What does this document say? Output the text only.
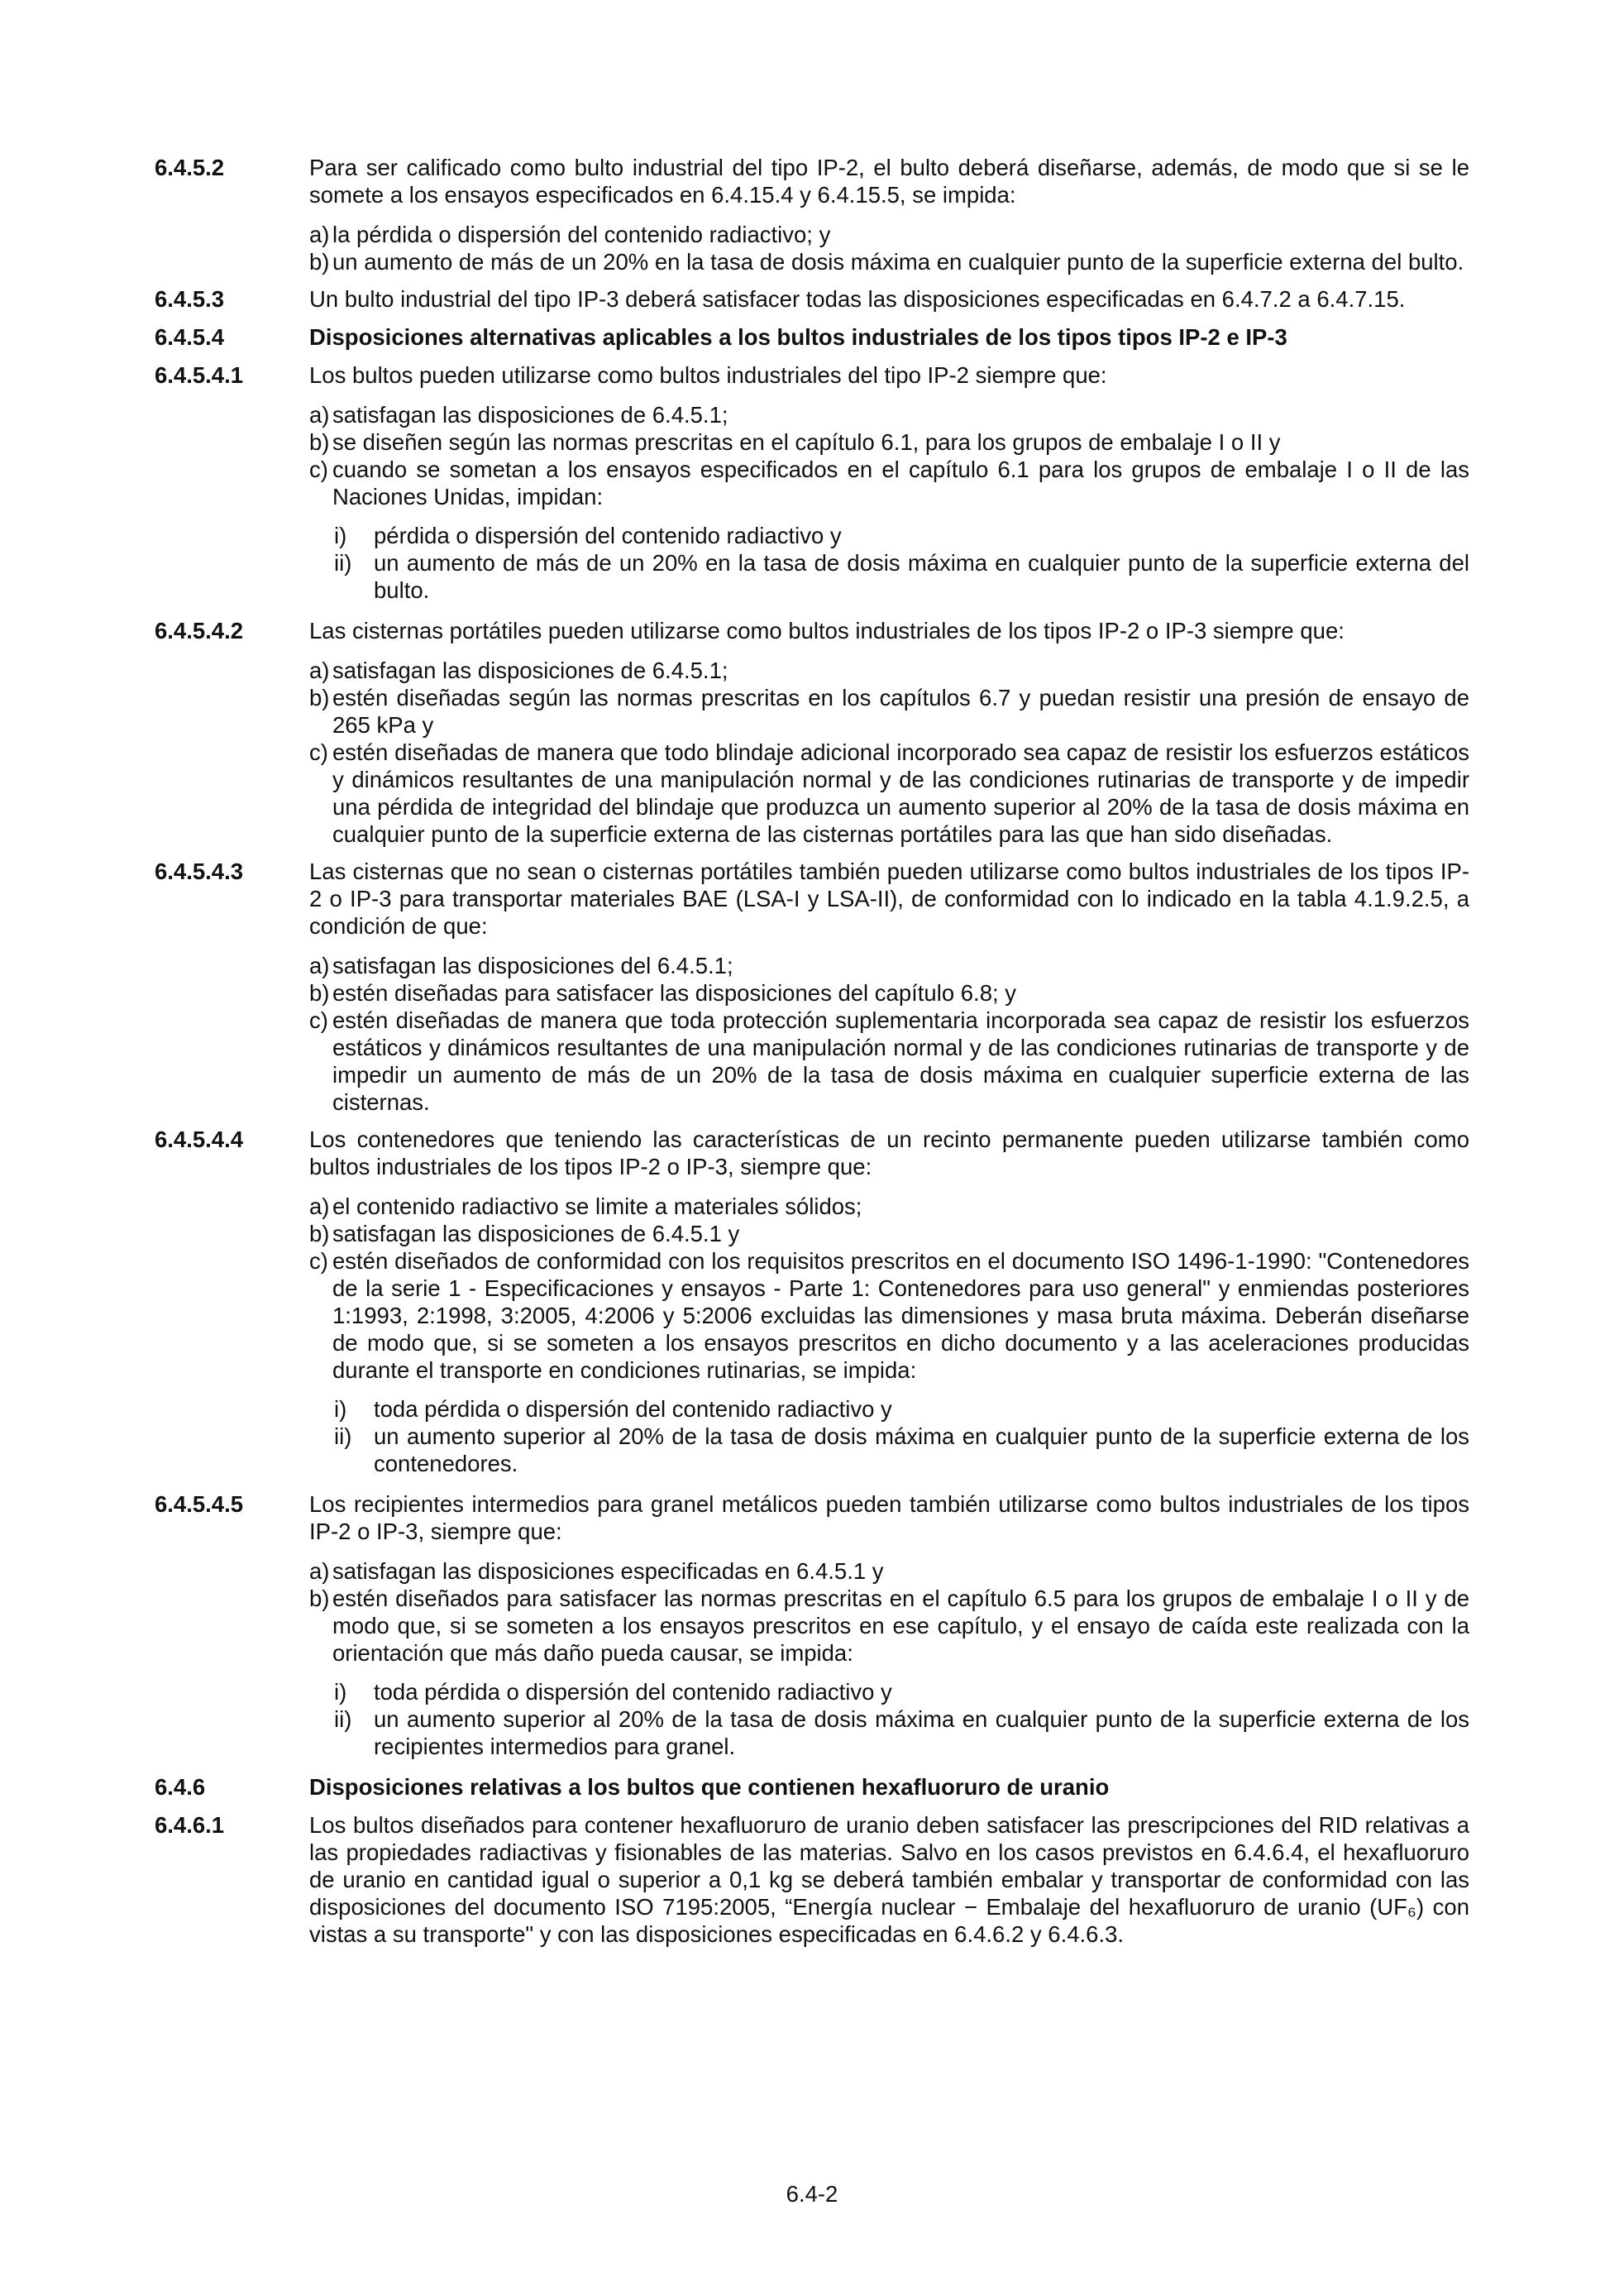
6.4.5.2	Para ser calificado como bulto industrial del tipo IP-2, el bulto deberá diseñarse, además, de modo que si se le somete a los ensayos especificados en 6.4.15.4 y 6.4.15.5, se impida:
a) la pérdida o dispersión del contenido radiactivo; y
b) un aumento de más de un 20% en la tasa de dosis máxima en cualquier punto de la superficie externa del bulto.
6.4.5.3	Un bulto industrial del tipo IP-3 deberá satisfacer todas las disposiciones especificadas en 6.4.7.2 a 6.4.7.15.
6.4.5.4	Disposiciones alternativas aplicables a los bultos industriales de los tipos tipos IP-2 e IP-3
6.4.5.4.1	Los bultos pueden utilizarse como bultos industriales del tipo IP-2 siempre que:
a) satisfagan las disposiciones de 6.4.5.1;
b) se diseñen según las normas prescritas en el capítulo 6.1, para los grupos de embalaje I o II y
c) cuando se sometan a los ensayos especificados en el capítulo 6.1 para los grupos de embalaje I o II de las Naciones Unidas, impidan:
i)	pérdida o dispersión del contenido radiactivo y
ii) un aumento de más de un 20% en la tasa de dosis máxima en cualquier punto de la superficie externa del bulto.
6.4.5.4.2	Las cisternas portátiles pueden utilizarse como bultos industriales de los tipos IP-2 o IP-3 siempre que:
a) satisfagan las disposiciones de 6.4.5.1;
b) estén diseñadas según las normas prescritas en los capítulos 6.7 y puedan resistir una presión de ensayo de 265 kPa y
c) estén diseñadas de manera que todo blindaje adicional incorporado sea capaz de resistir los esfuerzos estáticos y dinámicos resultantes de una manipulación normal y de las condiciones rutinarias de transporte y de impedir una pérdida de integridad del blindaje que produzca un aumento superior al 20% de la tasa de dosis máxima en cualquier punto de la superficie externa de las cisternas portátiles para las que han sido diseñadas.
6.4.5.4.3	Las cisternas que no sean o cisternas portátiles también pueden utilizarse como bultos industriales de los tipos IP-2 o IP-3 para transportar materiales BAE (LSA-I y LSA-II), de conformidad con lo indicado en la tabla 4.1.9.2.5, a condición de que:
a) satisfagan las disposiciones del 6.4.5.1;
b) estén diseñadas para satisfacer las disposiciones del capítulo 6.8; y
c) estén diseñadas de manera que toda protección suplementaria incorporada sea capaz de resistir los esfuerzos estáticos y dinámicos resultantes de una manipulación normal y de las condiciones rutinarias de transporte y de impedir un aumento de más de un 20% de la tasa de dosis máxima en cualquier superficie externa de las cisternas.
6.4.5.4.4	Los contenedores que teniendo las características de un recinto permanente pueden utilizarse también como bultos industriales de los tipos IP-2 o IP-3, siempre que:
a) el contenido radiactivo se limite a materiales sólidos;
b) satisfagan las disposiciones de 6.4.5.1 y
c) estén diseñados de conformidad con los requisitos prescritos en el documento ISO 1496-1-1990: "Contenedores de la serie 1 - Especificaciones y ensayos - Parte 1: Contenedores para uso general" y enmiendas posteriores 1:1993, 2:1998, 3:2005, 4:2006 y 5:2006 excluidas las dimensiones y masa bruta máxima. Deberán diseñarse de modo que, si se someten a los ensayos prescritos en dicho documento y a las aceleraciones producidas durante el transporte en condiciones rutinarias, se impida:
i)	toda pérdida o dispersión del contenido radiactivo y
ii) un aumento superior al 20% de la tasa de dosis máxima en cualquier punto de la superficie externa de los contenedores.
6.4.5.4.5	Los recipientes intermedios para granel metálicos pueden también utilizarse como bultos industriales de los tipos IP-2 o IP-3, siempre que:
a) satisfagan las disposiciones especificadas en 6.4.5.1 y
b) estén diseñados para satisfacer las normas prescritas en el capítulo 6.5 para los grupos de embalaje I o II y de modo que, si se someten a los ensayos prescritos en ese capítulo, y el ensayo de caída este realizada con la orientación que más daño pueda causar, se impida:
i)	toda pérdida o dispersión del contenido radiactivo y
ii) un aumento superior al 20% de la tasa de dosis máxima en cualquier punto de la superficie externa de los recipientes intermedios para granel.
6.4.6	Disposiciones relativas a los bultos que contienen hexafluoruro de uranio
6.4.6.1	Los bultos diseñados para contener hexafluoruro de uranio deben satisfacer las prescripciones del RID relativas a las propiedades radiactivas y fisionables de las materias. Salvo en los casos previstos en 6.4.6.4, el hexafluoruro de uranio en cantidad igual o superior a 0,1 kg se deberá también embalar y transportar de conformidad con las disposiciones del documento ISO 7195:2005, “Energía nuclear − Embalaje del hexafluoruro de uranio (UF₆) con vistas a su transporte" y con las disposiciones especificadas en 6.4.6.2 y 6.4.6.3.
6.4-2
